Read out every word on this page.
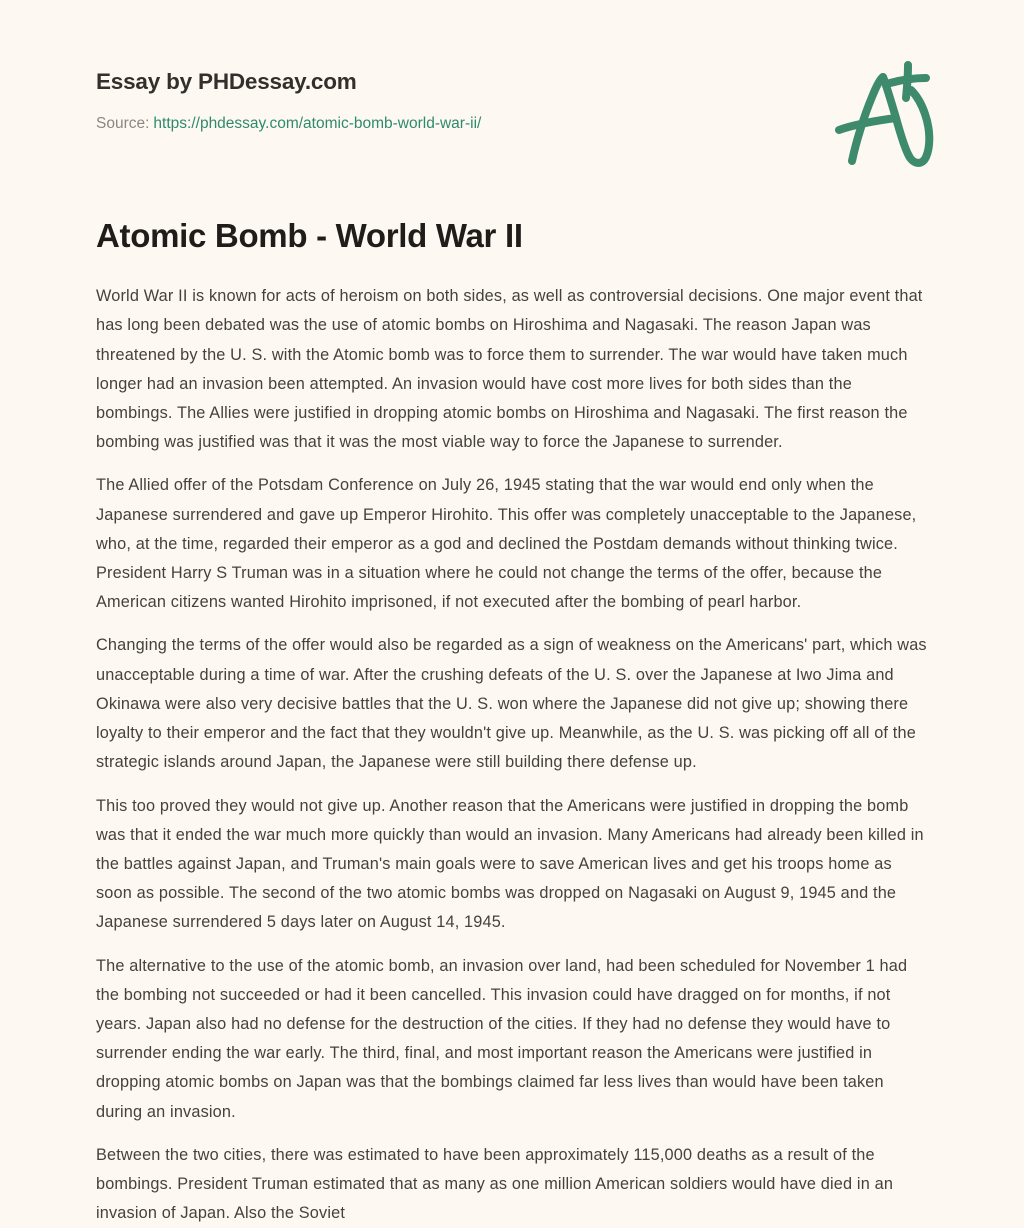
Essay by PHDessay.com
Source: https://phdessay.com/atomic-bomb-world-war-ii/
Atomic Bomb - World War II

World War II is known for acts of heroism on both sides, as well as controversial decisions. One major event that has long been debated was the use of atomic bombs on Hiroshima and Nagasaki. The reason Japan was threatened by the U. S. with the Atomic bomb was to force them to surrender. The war would have taken much longer had an invasion been attempted. An invasion would have cost more lives for both sides than the bombings. The Allies were justified in dropping atomic bombs on Hiroshima and Nagasaki. The first reason the bombing was justified was that it was the most viable way to force the Japanese to surrender.

The Allied offer of the Potsdam Conference on July 26, 1945 stating that the war would end only when the Japanese surrendered and gave up Emperor Hirohito. This offer was completely unacceptable to the Japanese, who, at the time, regarded their emperor as a god and declined the Postdam demands without thinking twice. President Harry S Truman was in a situation where he could not change the terms of the offer, because the American citizens wanted Hirohito imprisoned, if not executed after the bombing of pearl harbor.

Changing the terms of the offer would also be regarded as a sign of weakness on the Americans' part, which was unacceptable during a time of war. After the crushing defeats of the U. S. over the Japanese at Iwo Jima and Okinawa were also very decisive battles that the U. S. won where the Japanese did not give up; showing there loyalty to their emperor and the fact that they wouldn't give up. Meanwhile, as the U. S. was picking off all of the strategic islands around Japan, the Japanese were still building there defense up.

This too proved they would not give up. Another reason that the Americans were justified in dropping the bomb was that it ended the war much more quickly than would an invasion. Many Americans had already been killed in the battles against Japan, and Truman's main goals were to save American lives and get his troops home as soon as possible. The second of the two atomic bombs was dropped on Nagasaki on August 9, 1945 and the Japanese surrendered 5 days later on August 14, 1945.

The alternative to the use of the atomic bomb, an invasion over land, had been scheduled for November 1 had the bombing not succeeded or had it been cancelled. This invasion could have dragged on for months, if not years. Japan also had no defense for the destruction of the cities. If they had no defense they would have to surrender ending the war early. The third, final, and most important reason the Americans were justified in dropping atomic bombs on Japan was that the bombings claimed far less lives than would have been taken during an invasion.

Between the two cities, there was estimated to have been approximately 115,000 deaths as a result of the bombings. President Truman estimated that as many as one million American soldiers would have died in an invasion of Japan. Also the Soviet
